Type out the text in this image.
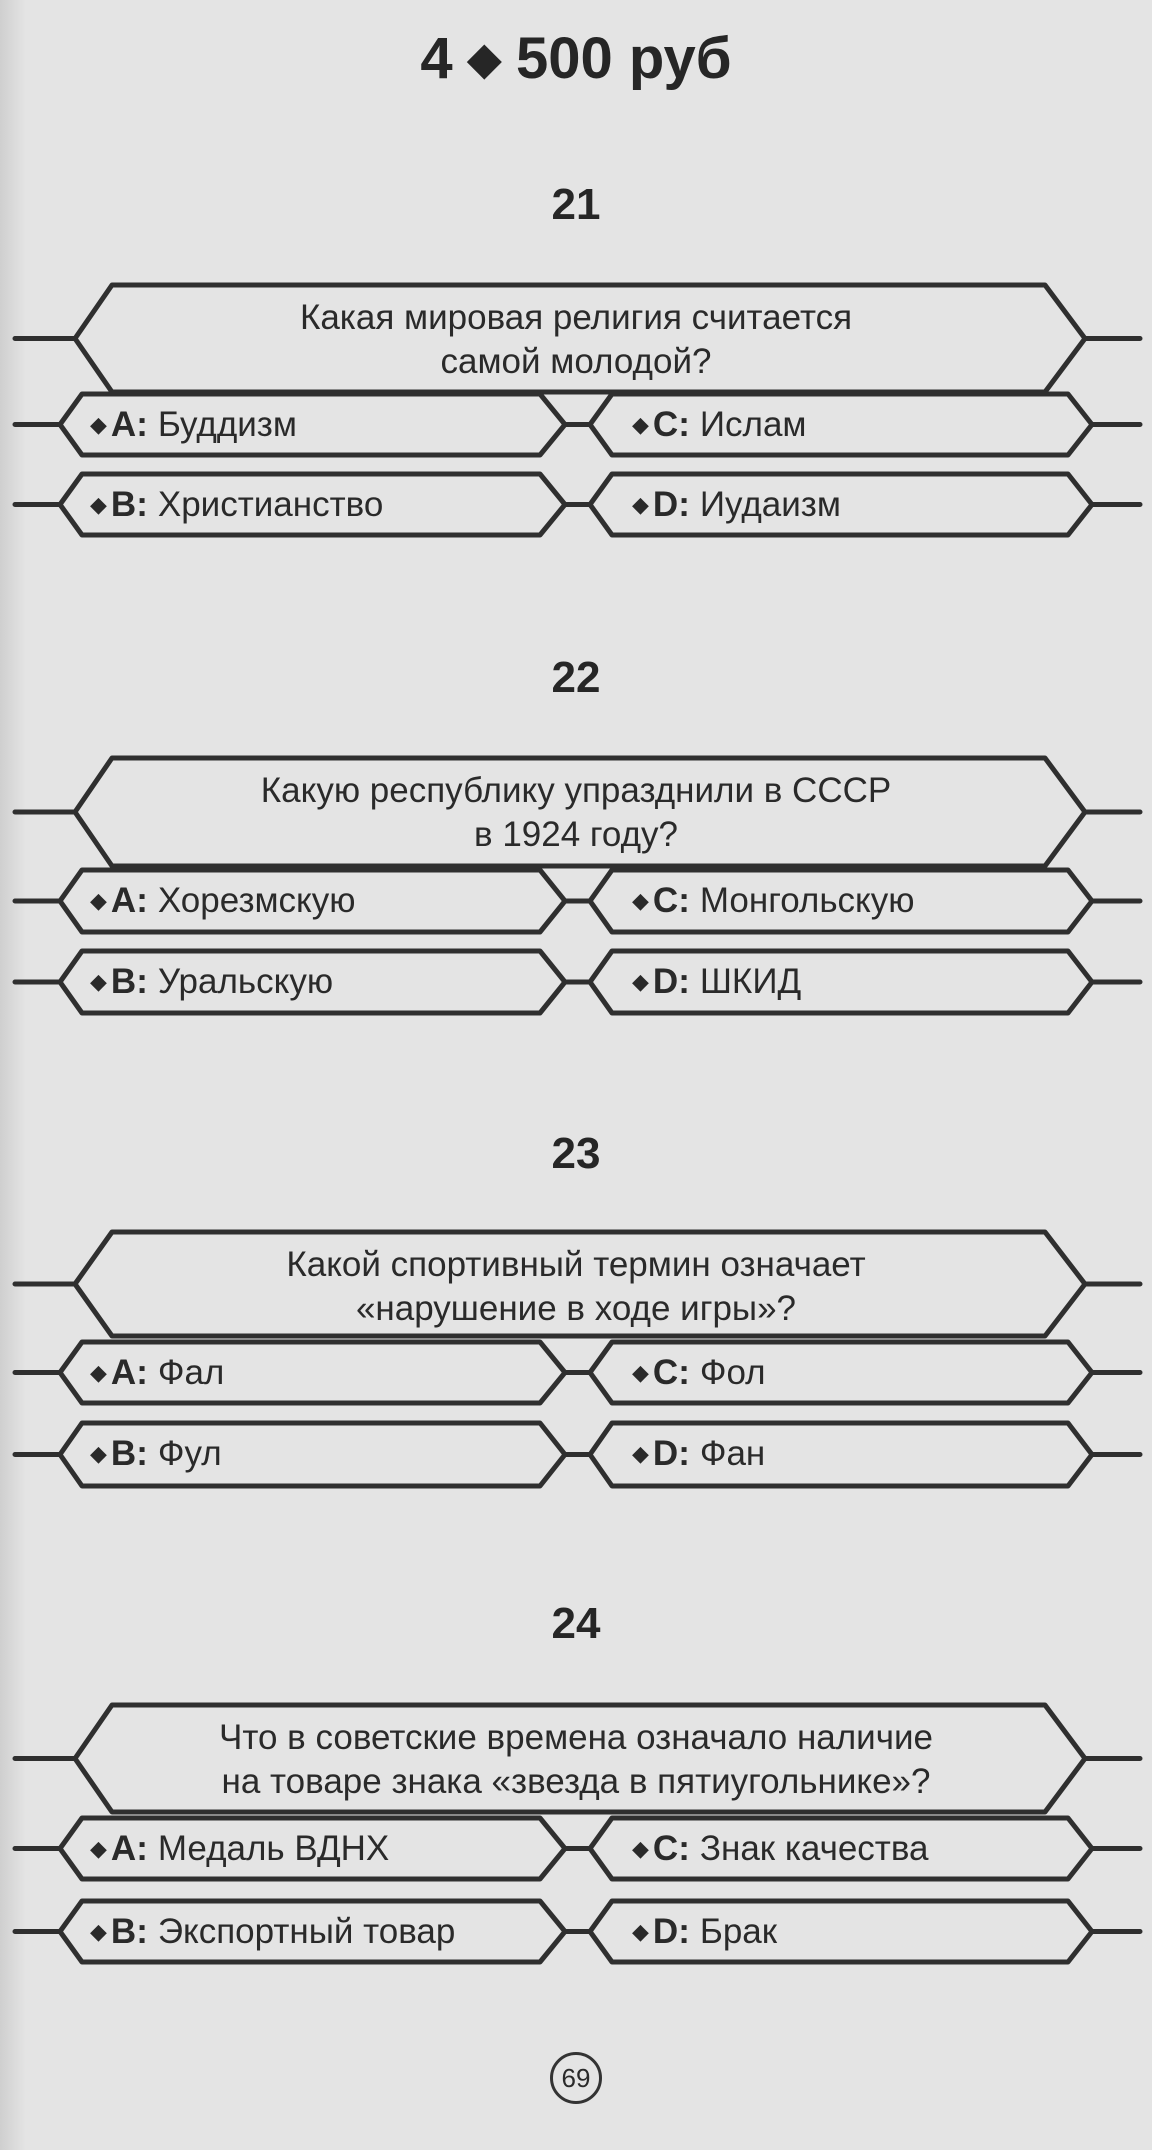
4 ◆ 500 руб
21
Какая мировая религия считается
самой молодой?
◆ A: Буддизм	◆ C: Ислам
◆ B: Христианство	◆ D: Иудаизм
22
Какую республику упразднили в СССР
в 1924 году?
◆ A: Хорезмскую	◆ C: Монгольскую
◆ B: Уральскую	◆ D: ШКИД
23
Какой спортивный термин означает
«нарушение в ходе игры»?
◆ A: Фал	◆ C: Фол
◆ B: Фул	◆ D: Фан
24
Что в советские времена означало наличие
на товаре знака «звезда в пятиугольнике»?
◆ A: Медаль ВДНХ	◆ C: Знак качества
◆ B: Экспортный товар	◆ D: Брак
69
